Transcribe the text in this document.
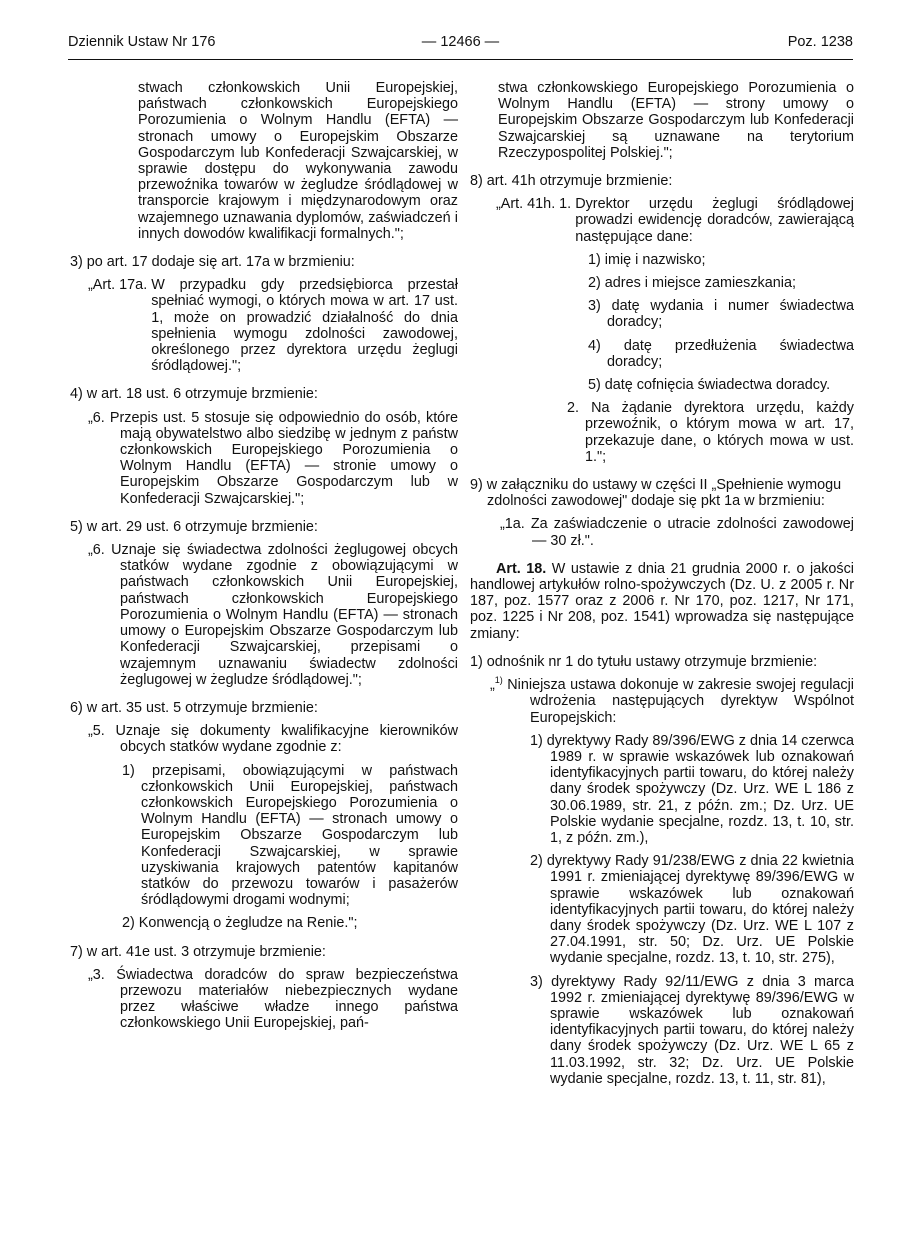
Dziennik Ustaw Nr 176	— 12466 —	Poz. 1238

stwach członkowskich Unii Europejskiej, państwach członkowskich Europejskiego Porozumienia o Wolnym Handlu (EFTA) — stronach umowy o Europejskim Obszarze Gospodarczym lub Konfederacji Szwajcarskiej, w sprawie dostępu do wykonywania zawodu przewoźnika towarów w żegludze śródlądowej w transporcie krajowym i międzynarodowym oraz wzajemnego uznawania dyplomów, zaświadczeń i innych dowodów kwalifikacji formalnych.";

3) po art. 17 dodaje się art. 17a w brzmieniu:

„Art. 17a. W przypadku gdy przedsiębiorca przestał spełniać wymogi, o których mowa w art. 17 ust. 1, może on prowadzić działalność do dnia spełnienia wymogu zdolności zawodowej, określonego przez dyrektora urzędu żeglugi śródlądowej.";

4) w art. 18 ust. 6 otrzymuje brzmienie:

„6. Przepis ust. 5 stosuje się odpowiednio do osób, które mają obywatelstwo albo siedzibę w jednym z państw członkowskich Europejskiego Porozumienia o Wolnym Handlu (EFTA) — stronie umowy o Europejskim Obszarze Gospodarczym lub w Konfederacji Szwajcarskiej.";

5) w art. 29 ust. 6 otrzymuje brzmienie:

„6. Uznaje się świadectwa zdolności żeglugowej obcych statków wydane zgodnie z obowiązującymi w państwach członkowskich Unii Europejskiej, państwach członkowskich Europejskiego Porozumienia o Wolnym Handlu (EFTA) — stronach umowy o Europejskim Obszarze Gospodarczym lub Konfederacji Szwajcarskiej, przepisami o wzajemnym uznawaniu świadectw zdolności żeglugowej w żegludze śródlądowej.";

6) w art. 35 ust. 5 otrzymuje brzmienie:

„5. Uznaje się dokumenty kwalifikacyjne kierowników obcych statków wydane zgodnie z:

1) przepisami, obowiązującymi w państwach członkowskich Unii Europejskiej, państwach członkowskich Europejskiego Porozumienia o Wolnym Handlu (EFTA) — stronach umowy o Europejskim Obszarze Gospodarczym lub Konfederacji Szwajcarskiej, w sprawie uzyskiwania krajowych patentów kapitanów statków do przewozu towarów i pasażerów śródlądowymi drogami wodnymi;

2) Konwencją o żegludze na Renie.";

7) w art. 41e ust. 3 otrzymuje brzmienie:

„3. Świadectwa doradców do spraw bezpieczeństwa przewozu materiałów niebezpiecznych wydane przez właściwe władze innego państwa członkowskiego Unii Europejskiej, pań-

stwa członkowskiego Europejskiego Porozumienia o Wolnym Handlu (EFTA) — strony umowy o Europejskim Obszarze Gospodarczym lub Konfederacji Szwajcarskiej są uznawane na terytorium Rzeczypospolitej Polskiej.";

8) art. 41h otrzymuje brzmienie:

„Art. 41h. 1. Dyrektor urzędu żeglugi śródlądowej prowadzi ewidencję doradców, zawierającą następujące dane:

1) imię i nazwisko;

2) adres i miejsce zamieszkania;

3) datę wydania i numer świadectwa doradcy;

4) datę przedłużenia świadectwa doradcy;

5) datę cofnięcia świadectwa doradcy.

2. Na żądanie dyrektora urzędu, każdy przewoźnik, o którym mowa w art. 17, przekazuje dane, o których mowa w ust. 1.";

9) w załączniku do ustawy w części II „Spełnienie wymogu zdolności zawodowej" dodaje się pkt 1a w brzmieniu:

„1a. Za zaświadczenie o utracie zdolności zawodowej — 30 zł.".

Art. 18. W ustawie z dnia 21 grudnia 2000 r. o jakości handlowej artykułów rolno-spożywczych (Dz. U. z 2005 r. Nr 187, poz. 1577 oraz z 2006 r. Nr 170, poz. 1217, Nr 171, poz. 1225 i Nr 208, poz. 1541) wprowadza się następujące zmiany:

1) odnośnik nr 1 do tytułu ustawy otrzymuje brzmienie:

„$^{1)}$ Niniejsza ustawa dokonuje w zakresie swojej regulacji wdrożenia następujących dyrektyw Wspólnot Europejskich:

1) dyrektywy Rady 89/396/EWG z dnia 14 czerwca 1989 r. w sprawie wskazówek lub oznakowań identyfikacyjnych partii towaru, do której należy dany środek spożywczy (Dz. Urz. WE L 186 z 30.06.1989, str. 21, z późn. zm.; Dz. Urz. UE Polskie wydanie specjalne, rozdz. 13, t. 10, str. 1, z późn. zm.),

2) dyrektywy Rady 91/238/EWG z dnia 22 kwietnia 1991 r. zmieniającej dyrektywę 89/396/EWG w sprawie wskazówek lub oznakowań identyfikacyjnych partii towaru, do której należy dany środek spożywczy (Dz. Urz. WE L 107 z 27.04.1991, str. 50; Dz. Urz. UE Polskie wydanie specjalne, rozdz. 13, t. 10, str. 275),

3) dyrektywy Rady 92/11/EWG z dnia 3 marca 1992 r. zmieniającej dyrektywę 89/396/EWG w sprawie wskazówek lub oznakowań identyfikacyjnych partii towaru, do której należy dany środek spożywczy (Dz. Urz. WE L 65 z 11.03.1992, str. 32; Dz. Urz. UE Polskie wydanie specjalne, rozdz. 13, t. 11, str. 81),
